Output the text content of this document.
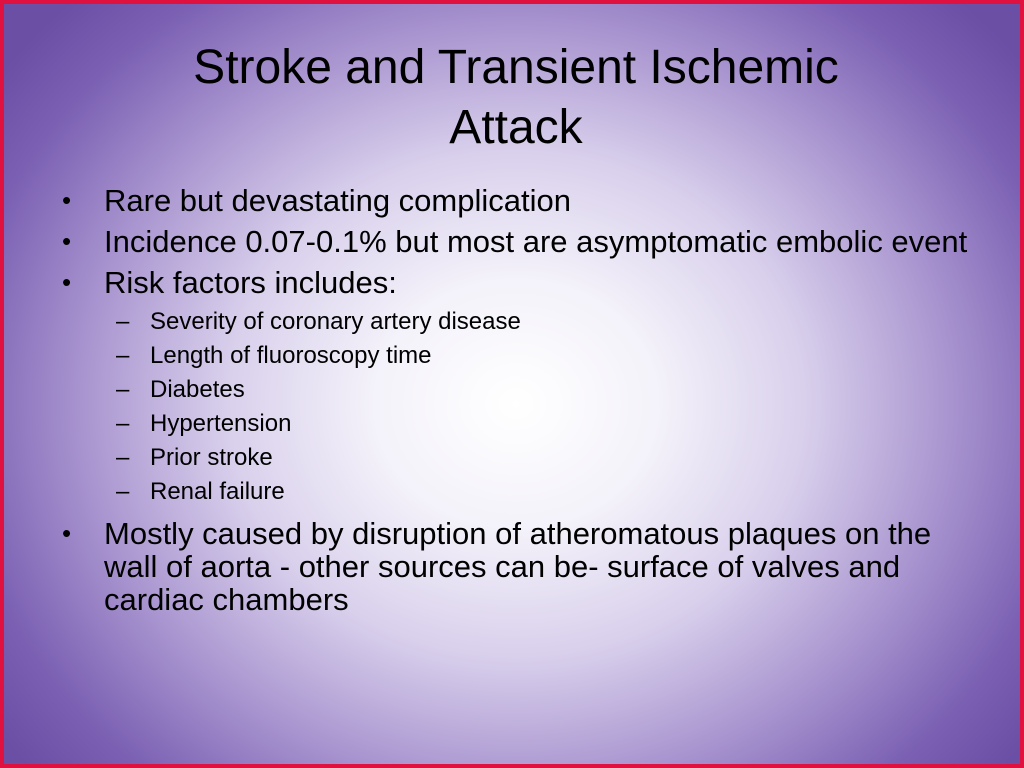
Stroke and Transient Ischemic
Attack
• Rare but devastating complication
• Incidence 0.07-0.1% but most are asymptomatic embolic event
• Risk factors includes:
– Severity of coronary artery disease
– Length of fluoroscopy time
– Diabetes
– Hypertension
– Prior stroke
– Renal failure
• Mostly caused by disruption of atheromatous plaques on the wall of aorta - other sources can be- surface of valves and cardiac chambers
